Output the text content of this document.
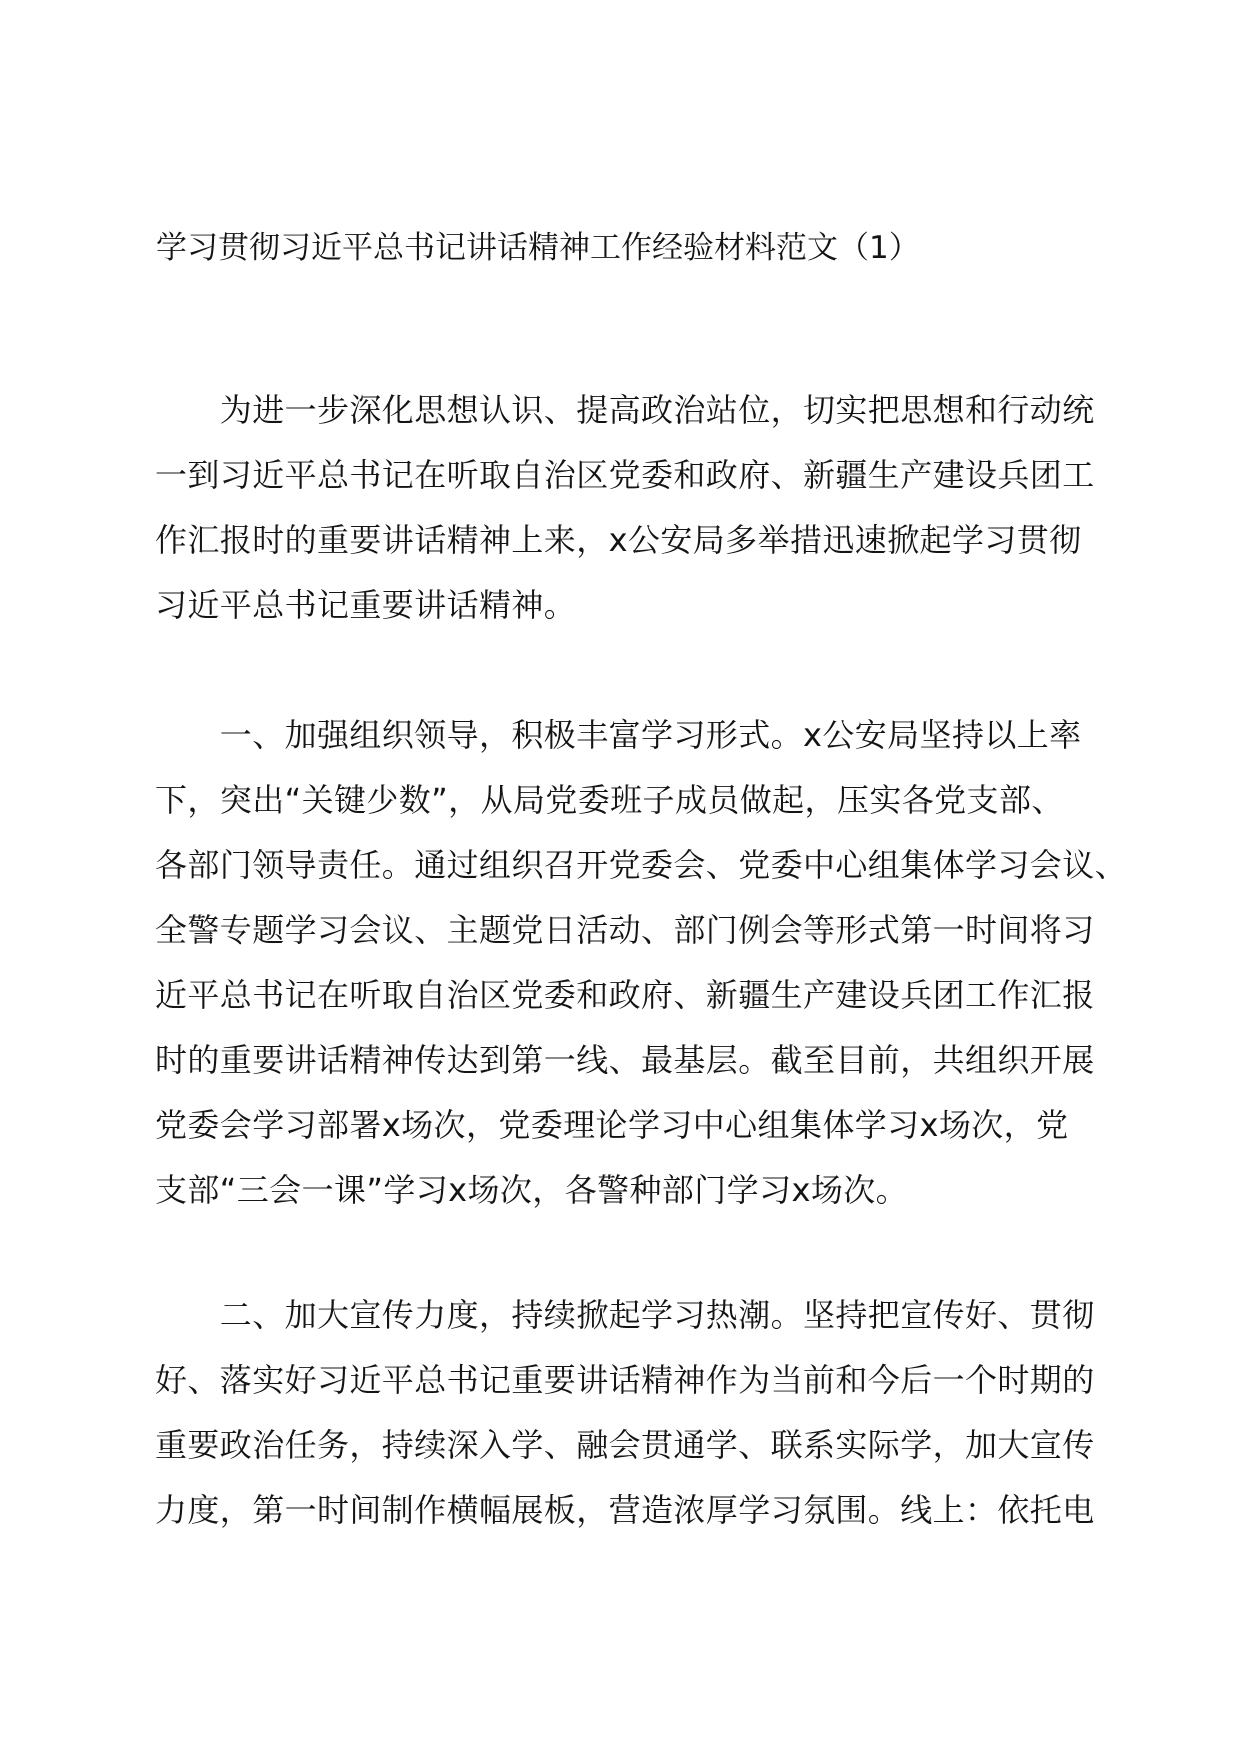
学习贯彻习近平总书记讲话精神工作经验材料范文（1）
　　为进一步深化思想认识、提高政治站位，切实把思想和行动统
一到习近平总书记在听取自治区党委和政府、新疆生产建设兵团工
作汇报时的重要讲话精神上来，x公安局多举措迅速掀起学习贯彻
习近平总书记重要讲话精神。
　　一、加强组织领导，积极丰富学习形式。x公安局坚持以上率
下，突出“关键少数”，从局党委班子成员做起，压实各党支部、
各部门领导责任。通过组织召开党委会、党委中心组集体学习会议、
全警专题学习会议、主题党日活动、部门例会等形式第一时间将习
近平总书记在听取自治区党委和政府、新疆生产建设兵团工作汇报
时的重要讲话精神传达到第一线、最基层。截至目前，共组织开展
党委会学习部署x场次，党委理论学习中心组集体学习x场次，党
支部“三会一课”学习x场次，各警种部门学习x场次。
　　二、加大宣传力度，持续掀起学习热潮。坚持把宣传好、贯彻
好、落实好习近平总书记重要讲话精神作为当前和今后一个时期的
重要政治任务，持续深入学、融会贯通学、联系实际学，加大宣传
力度，第一时间制作横幅展板，营造浓厚学习氛围。线上：依托电
